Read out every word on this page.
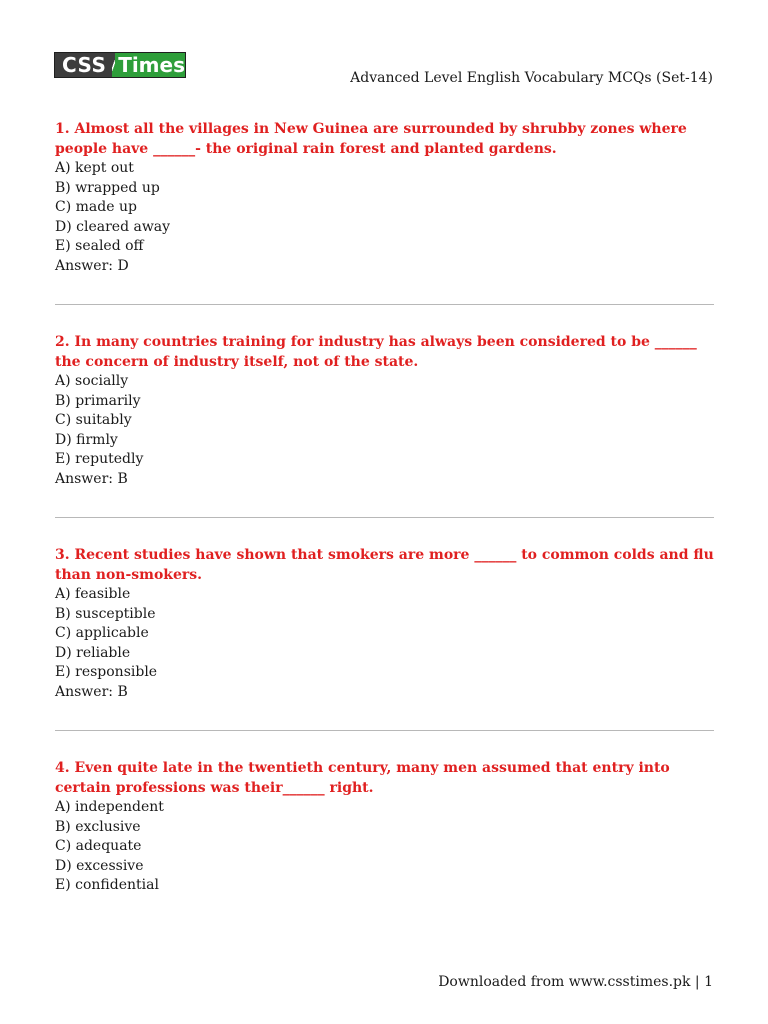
CSS Times
Advanced Level English Vocabulary MCQs (Set-14)

1. Almost all the villages in New Guinea are surrounded by shrubby zones where people have ______- the original rain forest and planted gardens.

A) kept out

B) wrapped up

C) made up

D) cleared away

E) sealed off

Answer: D

2. In many countries training for industry has always been considered to be ______ the concern of industry itself, not of the state.

A) socially

B) primarily

C) suitably

D) firmly

E) reputedly

Answer: B

3. Recent studies have shown that smokers are more ______ to common colds and flu than non-smokers.

A) feasible

B) susceptible

C) applicable

D) reliable

E) responsible

Answer: B

4. Even quite late in the twentieth century, many men assumed that entry into certain professions was their______ right.

A) independent

B) exclusive

C) adequate

D) excessive

E) confidential

Downloaded from www.csstimes.pk | 1
